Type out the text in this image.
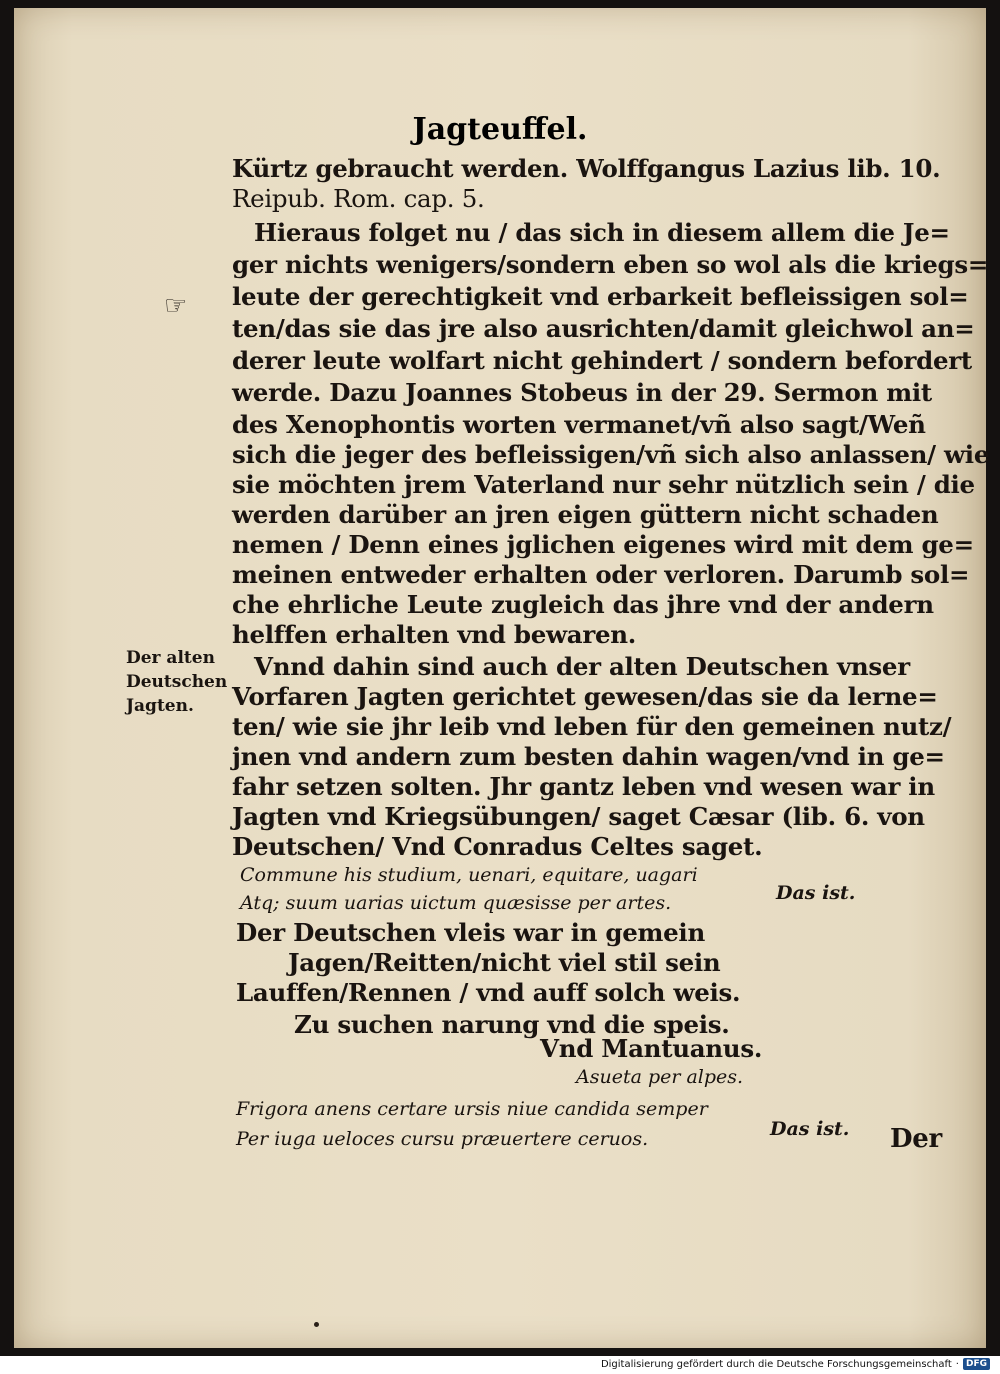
Jagteuffel.
☞
Der alten
Deutschen
Jagten.
Kürtz gebraucht werden. Wolffgangus Lazius lib. 10.
Reipub. Rom. cap. 5.
Hieraus folget nu / das sich in diesem allem die Je=
ger nichts wenigers/sondern eben so wol als die kriegs=
leute der gerechtigkeit vnd erbarkeit befleissigen sol=
ten/das sie das jre also ausrichten/damit gleichwol an=
derer leute wolfart nicht gehindert / sondern befordert
werde. Dazu Joannes Stobeus in der 29. Sermon mit
des Xenophontis worten vermanet/vñ also sagt/Weñ
sich die jeger des befleissigen/vñ sich also anlassen/ wie
sie möchten jrem Vaterland nur sehr nützlich sein / die
werden darüber an jren eigen güttern nicht schaden
nemen / Denn eines jglichen eigenes wird mit dem ge=
meinen entweder erhalten oder verloren. Darumb sol=
che ehrliche Leute zugleich das jhre vnd der andern
helffen erhalten vnd bewaren.
Vnnd dahin sind auch der alten Deutschen vnser
Vorfaren Jagten gerichtet gewesen/das sie da lerne=
ten/ wie sie jhr leib vnd leben für den gemeinen nutz/
jnen vnd andern zum besten dahin wagen/vnd in ge=
fahr setzen solten. Jhr gantz leben vnd wesen war in
Jagten vnd Kriegsübungen/ saget Cæsar (lib. 6. von
Deutschen/ Vnd Conradus Celtes saget.
Commune his studium, uenari, equitare, uagari
Atq; suum uarias uictum quæsisse per artes.	Das ist.
Der Deutschen vleis war in gemein
Jagen/Reitten/nicht viel stil sein
Lauffen/Rennen / vnd auff solch weis.
Zu suchen narung vnd die speis.
Vnd Mantuanus.
Asueta per alpes.
Frigora anens certare ursis niue candida semper
Per iuga ueloces cursu præuertere ceruos.	Das ist. Der
Digitalisierung gefördert durch die Deutsche Forschungsgemeinschaft · DFG
